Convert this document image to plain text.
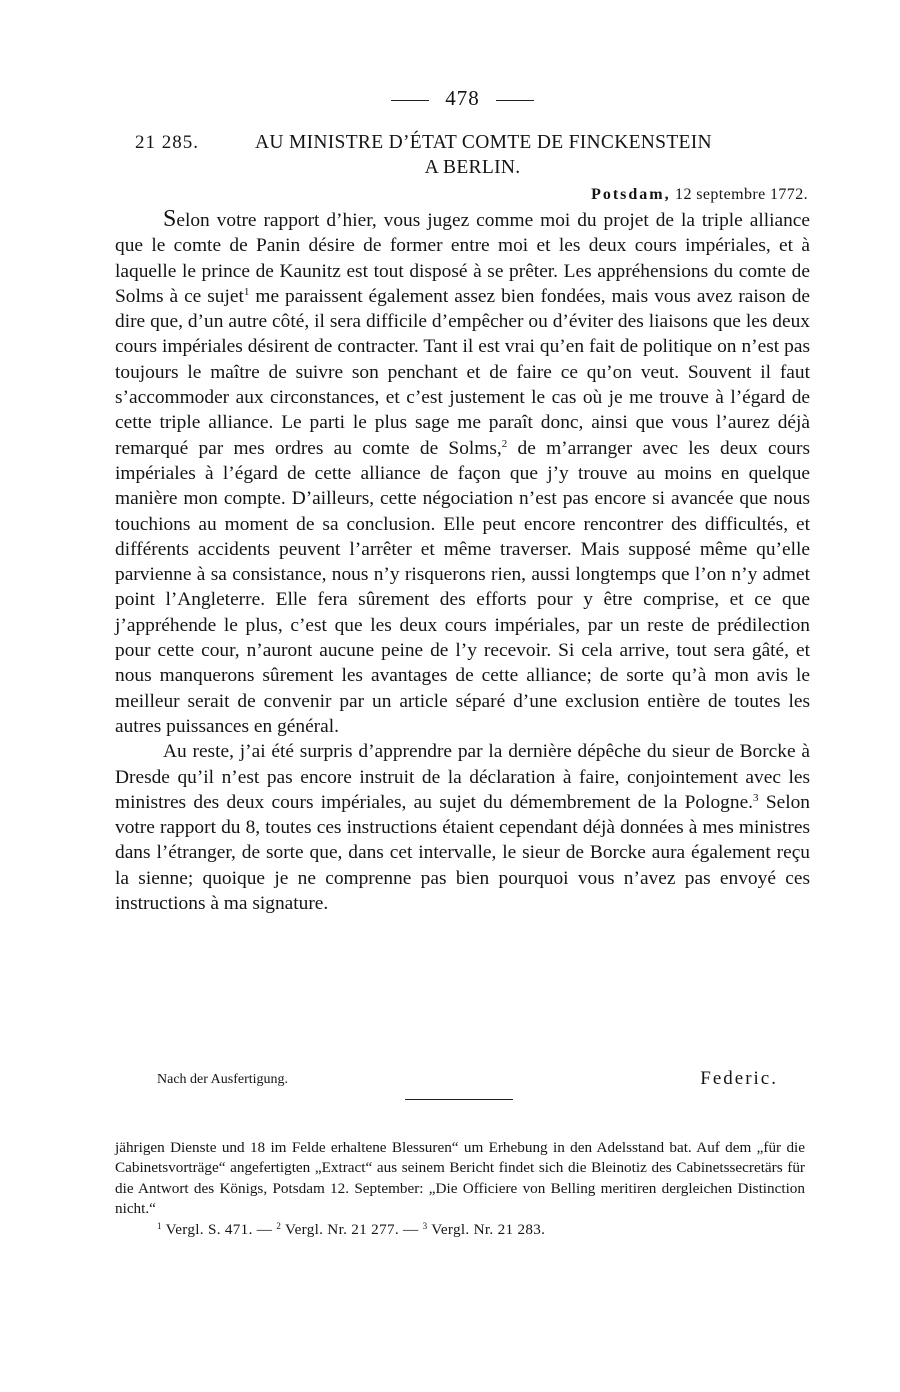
478
21 285.	AU MINISTRE D’ÉTAT COMTE DE FINCKENSTEIN
A BERLIN.
Potsdam, 12 septembre 1772.

Selon votre rapport d’hier, vous jugez comme moi du projet de la triple alliance que le comte de Panin désire de former entre moi et les deux cours impériales, et à laquelle le prince de Kaunitz est tout disposé à se prêter. Les appréhensions du comte de Solms à ce sujet$^1$ me paraissent également assez bien fondées, mais vous avez raison de dire que, d’un autre côté, il sera difficile d’empêcher ou d’éviter des liaisons que les deux cours impériales désirent de contracter. Tant il est vrai qu’en fait de politique on n’est pas toujours le maître de suivre son penchant et de faire ce qu’on veut. Souvent il faut s’accommoder aux circonstances, et c’est justement le cas où je me trouve à l’égard de cette triple alliance. Le parti le plus sage me paraît donc, ainsi que vous l’aurez déjà remarqué par mes ordres au comte de Solms,$^2$ de m’arranger avec les deux cours impériales à l’égard de cette alliance de façon que j’y trouve au moins en quelque manière mon compte. D’ailleurs, cette négociation n’est pas encore si avancée que nous touchions au moment de sa conclusion. Elle peut encore rencontrer des difficultés, et différents accidents peuvent l’arrêter et même traverser. Mais supposé même qu’elle parvienne à sa consistance, nous n’y risquerons rien, aussi longtemps que l’on n’y admet point l’Angleterre. Elle fera sûrement des efforts pour y être comprise, et ce que j’appréhende le plus, c’est que les deux cours impériales, par un reste de prédilection pour cette cour, n’auront aucune peine de l’y recevoir. Si cela arrive, tout sera gâté, et nous manquerons sûrement les avantages de cette alliance; de sorte qu’à mon avis le meilleur serait de convenir par un article séparé d’une exclusion entière de toutes les autres puissances en général.

Au reste, j’ai été surpris d’apprendre par la dernière dépêche du sieur de Borcke à Dresde qu’il n’est pas encore instruit de la déclaration à faire, conjointement avec les ministres des deux cours impériales, au sujet du démembrement de la Pologne.$^3$ Selon votre rapport du 8, toutes ces instructions étaient cependant déjà données à mes ministres dans l’étranger, de sorte que, dans cet intervalle, le sieur de Borcke aura également reçu la sienne; quoique je ne comprenne pas bien pourquoi vous n’avez pas envoyé ces instructions à ma signature.

Nach der Ausfertigung.	Federic.

jährigen Dienste und 18 im Felde erhaltene Blessuren“ um Erhebung in den Adelsstand bat. Auf dem „für die Cabinetsvorträge“ angefertigten „Extract“ aus seinem Bericht findet sich die Bleinotiz des Cabinetssecretärs für die Antwort des Königs, Potsdam 12. September: „Die Officiere von Belling meritiren dergleichen Distinction nicht.“

$^1$ Vergl. S. 471. — $^2$ Vergl. Nr. 21 277. — $^3$ Vergl. Nr. 21 283.
